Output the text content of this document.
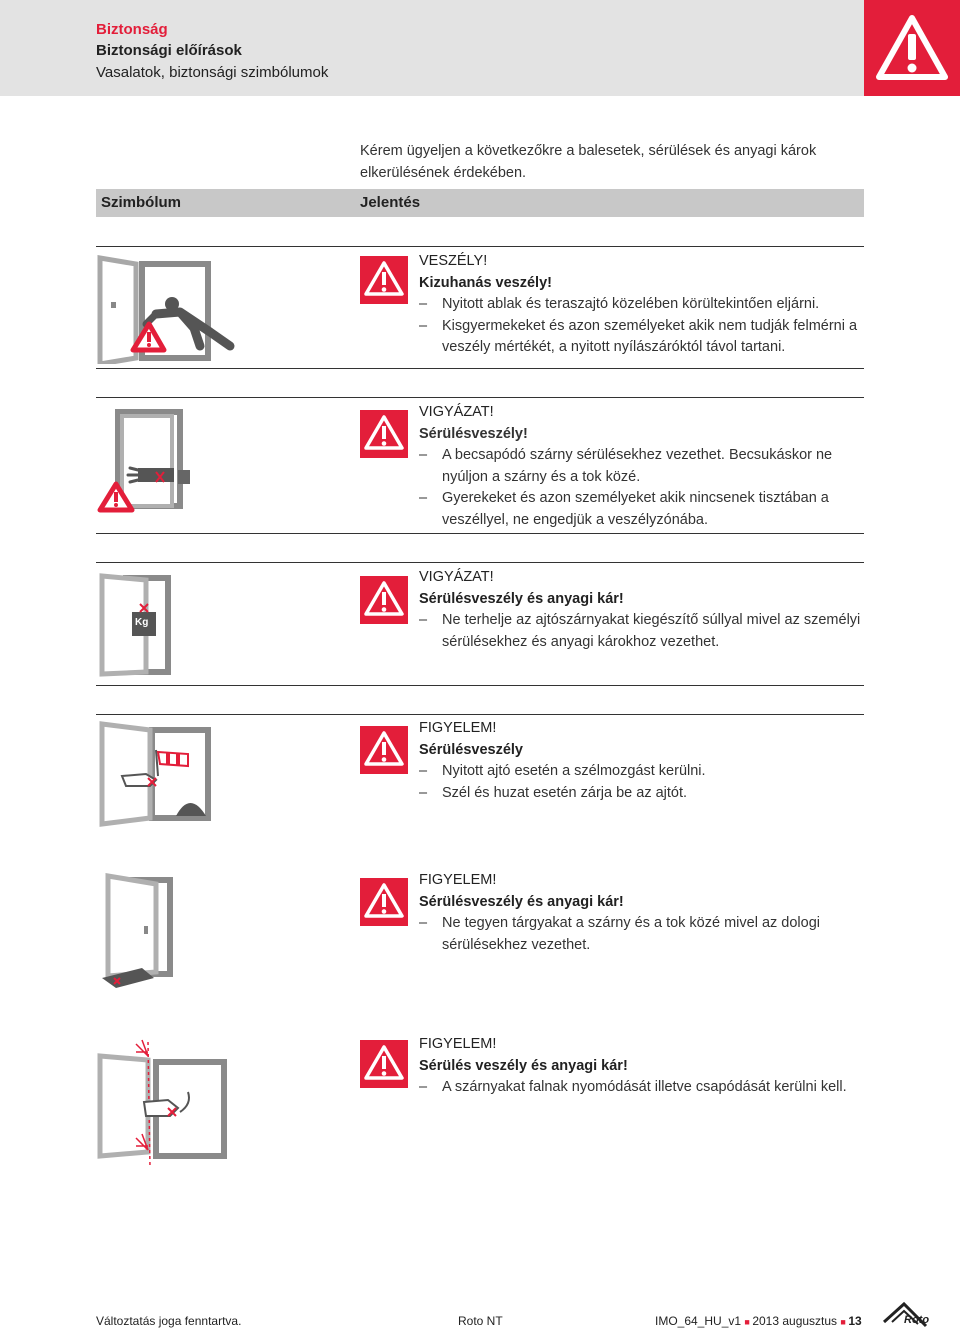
Biztonság
Biztonsági előírások
Vasalatok, biztonsági szimbólumok
Kérem ügyeljen a következőkre a balesetek, sérülések és anyagi károk elkerülésének érdekében.
Szimbólum	Jelentés
VESZÉLY!
Kizuhanás veszély!
– Nyitott ablak és teraszajtó közelében körültekintően eljárni.
– Kisgyermekeket és azon személyeket akik nem tudják felmérni a veszély mértékét, a nyitott nyílászáróktól távol tartani.
VIGYÁZAT!
Sérülésveszély!
– A becsapódó szárny sérülésekhez vezethet. Becsukáskor ne nyúljon a szárny és a tok közé.
– Gyerekeket és azon személyeket akik nincsenek tisztában a veszéllyel, ne engedjük a veszélyzónába.
Kg
VIGYÁZAT!
Sérülésveszély és anyagi kár!
– Ne terhelje az ajtószárnyakat kiegészítő súllyal mivel az személyi sérülésekhez és anyagi károkhoz vezethet.
FIGYELEM!
Sérülésveszély
– Nyitott ajtó esetén a szélmozgást kerülni.
– Szél és huzat esetén zárja be az ajtót.
FIGYELEM!
Sérülésveszély és anyagi kár!
– Ne tegyen tárgyakat a szárny és a tok közé mivel az dologi sérülésekhez vezethet.
FIGYELEM!
Sérülés veszély és anyagi kár!
– A szárnyakat falnak nyomódását illetve csapódását kerülni kell.
Változtatás joga fenntartva.	Roto NT	IMO_64_HU_v1 ■ 2013 augusztus ■ 13	Roto
